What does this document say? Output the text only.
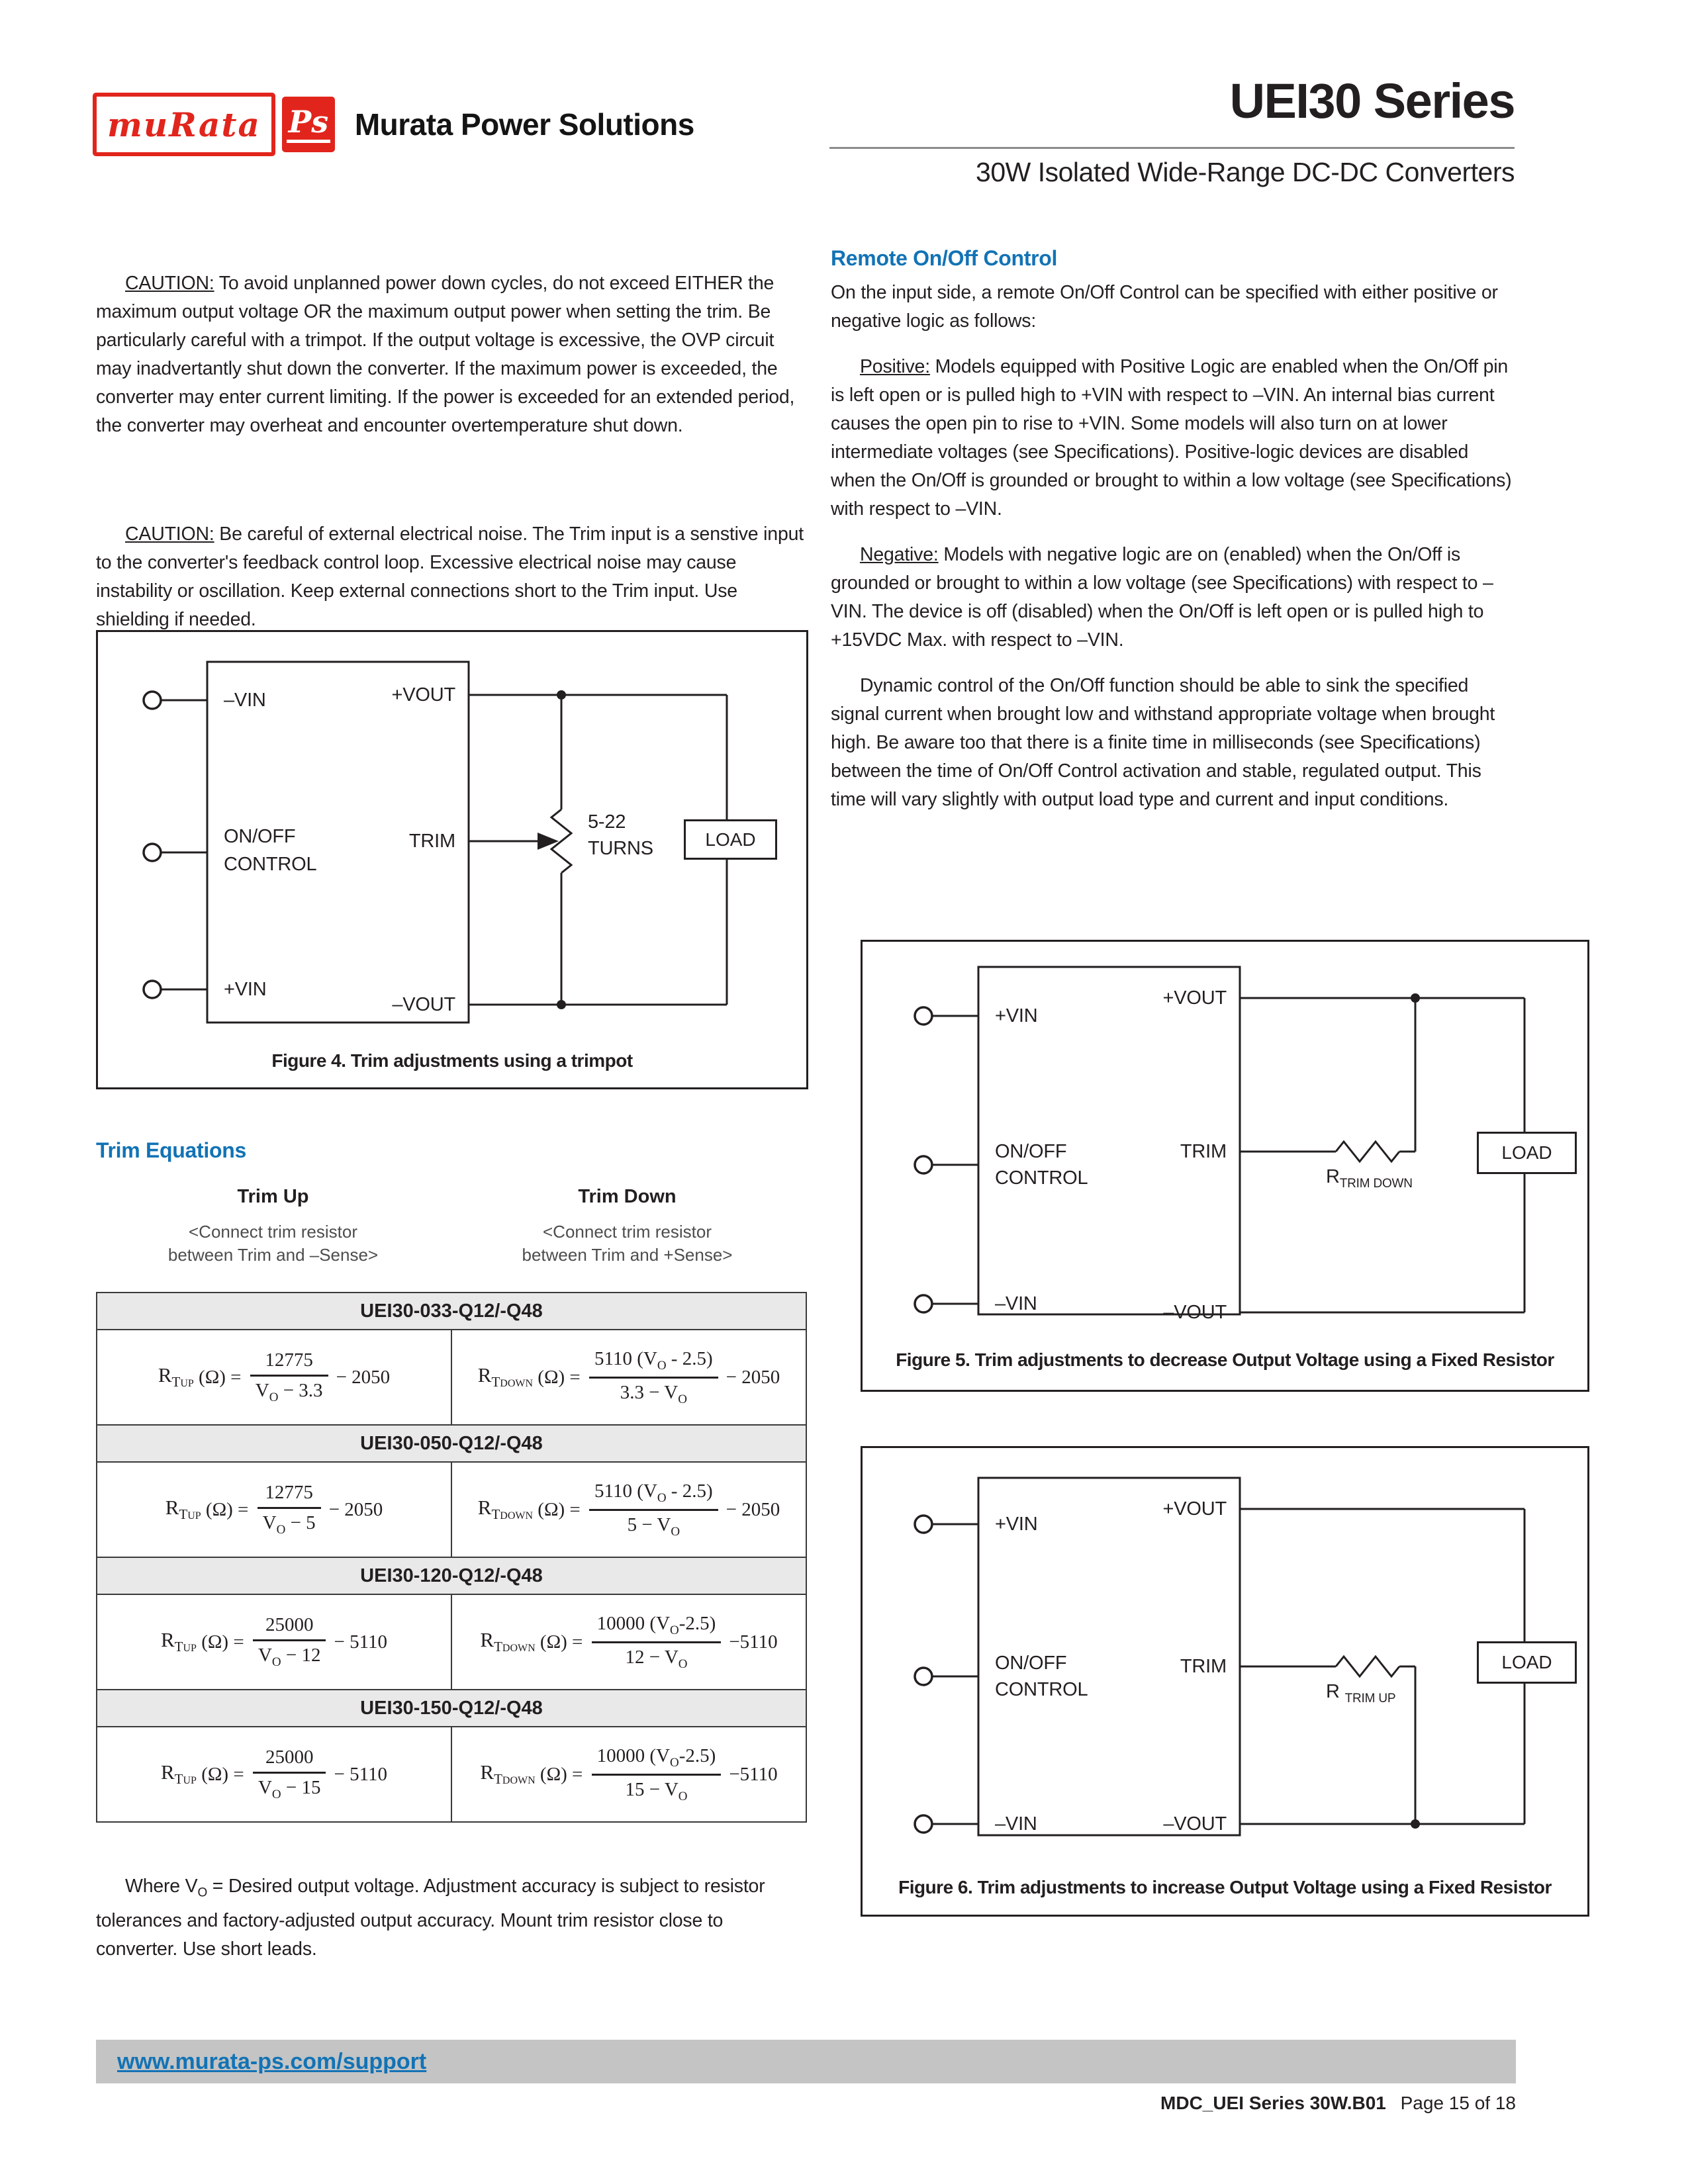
muRata Ps Murata Power Solutions	UEI30 Series
30W Isolated Wide-Range DC-DC Converters

CAUTION: To avoid unplanned power down cycles, do not exceed EITHER the maximum output voltage OR the maximum output power when setting the trim. Be particularly careful with a trimpot. If the output voltage is excessive, the OVP circuit may inadvertantly shut down the converter. If the maximum power is exceeded, the converter may enter current limiting. If the power is exceeded for an extended period, the converter may overheat and encounter overtemperature shut down.

CAUTION: Be careful of external electrical noise. The Trim input is a senstive input to the converter's feedback control loop. Excessive electrical noise may cause instability or oscillation. Keep external connections short to the Trim input. Use shielding if needed.

–VIN
ON/OFF
CONTROL
+VIN
+VOUT
TRIM
–VOUT
5-22
TURNS	LOAD
Figure 4. Trim adjustments using a trimpot
Trim Equations
Trim Up	Trim Down
<Connect trim resistor
between Trim and –Sense>
<Connect trim resistor
between Trim and +Sense>
UEI30-033-Q12/-Q48
$R_{TUP}$ $(\Omega) = \frac{12775}{V_O - 3.3} - 2050$	$R_{TDOWN}$ $(\Omega) = \frac{5110 (V_O - 2.5)}{3.3 - V_O} - 2050$
UEI30-050-Q12/-Q48
$R_{TUP}$ $(\Omega) = \frac{12775}{V_O - 5} - 2050$	$R_{TDOWN}$ $(\Omega) = \frac{5110 (V_O - 2.5)}{5 - V_O} - 2050$
UEI30-120-Q12/-Q48
$R_{TUP}$ $(\Omega) = \frac{25000}{V_O - 12} - 5110$	$R_{TDOWN}$ $(\Omega) = \frac{10000 (V_O-2.5)}{12 - V_O} -5110$
UEI30-150-Q12/-Q48
$R_{TUP}$ $(\Omega) = \frac{25000}{V_O - 15} - 5110$	$R_{TDOWN}$ $(\Omega) = \frac{10000 (V_O-2.5)}{15 - V_O} -5110$

Where $V_O$ = Desired output voltage. Adjustment accuracy is subject to resistor tolerances and factory-adjusted output accuracy. Mount trim resistor close to converter. Use short leads.

Remote On/Off Control

On the input side, a remote On/Off Control can be specified with either positive or negative logic as follows:

Positive: Models equipped with Positive Logic are enabled when the On/Off pin is left open or is pulled high to +VIN with respect to –VIN. An internal bias current causes the open pin to rise to +VIN. Some models will also turn on at lower intermediate voltages (see Specifications). Positive-logic devices are disabled when the On/Off is grounded or brought to within a low voltage (see Specifications) with respect to –VIN.

Negative: Models with negative logic are on (enabled) when the On/Off is grounded or brought to within a low voltage (see Specifications) with respect to –VIN. The device is off (disabled) when the On/Off is left open or is pulled high to +15VDC Max. with respect to –VIN.

Dynamic control of the On/Off function should be able to sink the specified signal current when brought low and withstand appropriate voltage when brought high. Be aware too that there is a finite time in milliseconds (see Specifications) between the time of On/Off Control activation and stable, regulated output. This time will vary slightly with output load type and current and input conditions.

+VIN
ON/OFF
CONTROL
–VIN
+VOUT
TRIM
–VOUT
$R_{TRIM DOWN}$
LOAD
Figure 5. Trim adjustments to decrease Output Voltage using a Fixed Resistor
+VIN
ON/OFF
CONTROL
–VIN
+VOUT
TRIM
–VOUT
R $_{TRIM UP}$
LOAD
Figure 6. Trim adjustments to increase Output Voltage using a Fixed Resistor
www.murata-ps.com/support
MDC_UEI Series 30W.B01 Page 15 of 18
